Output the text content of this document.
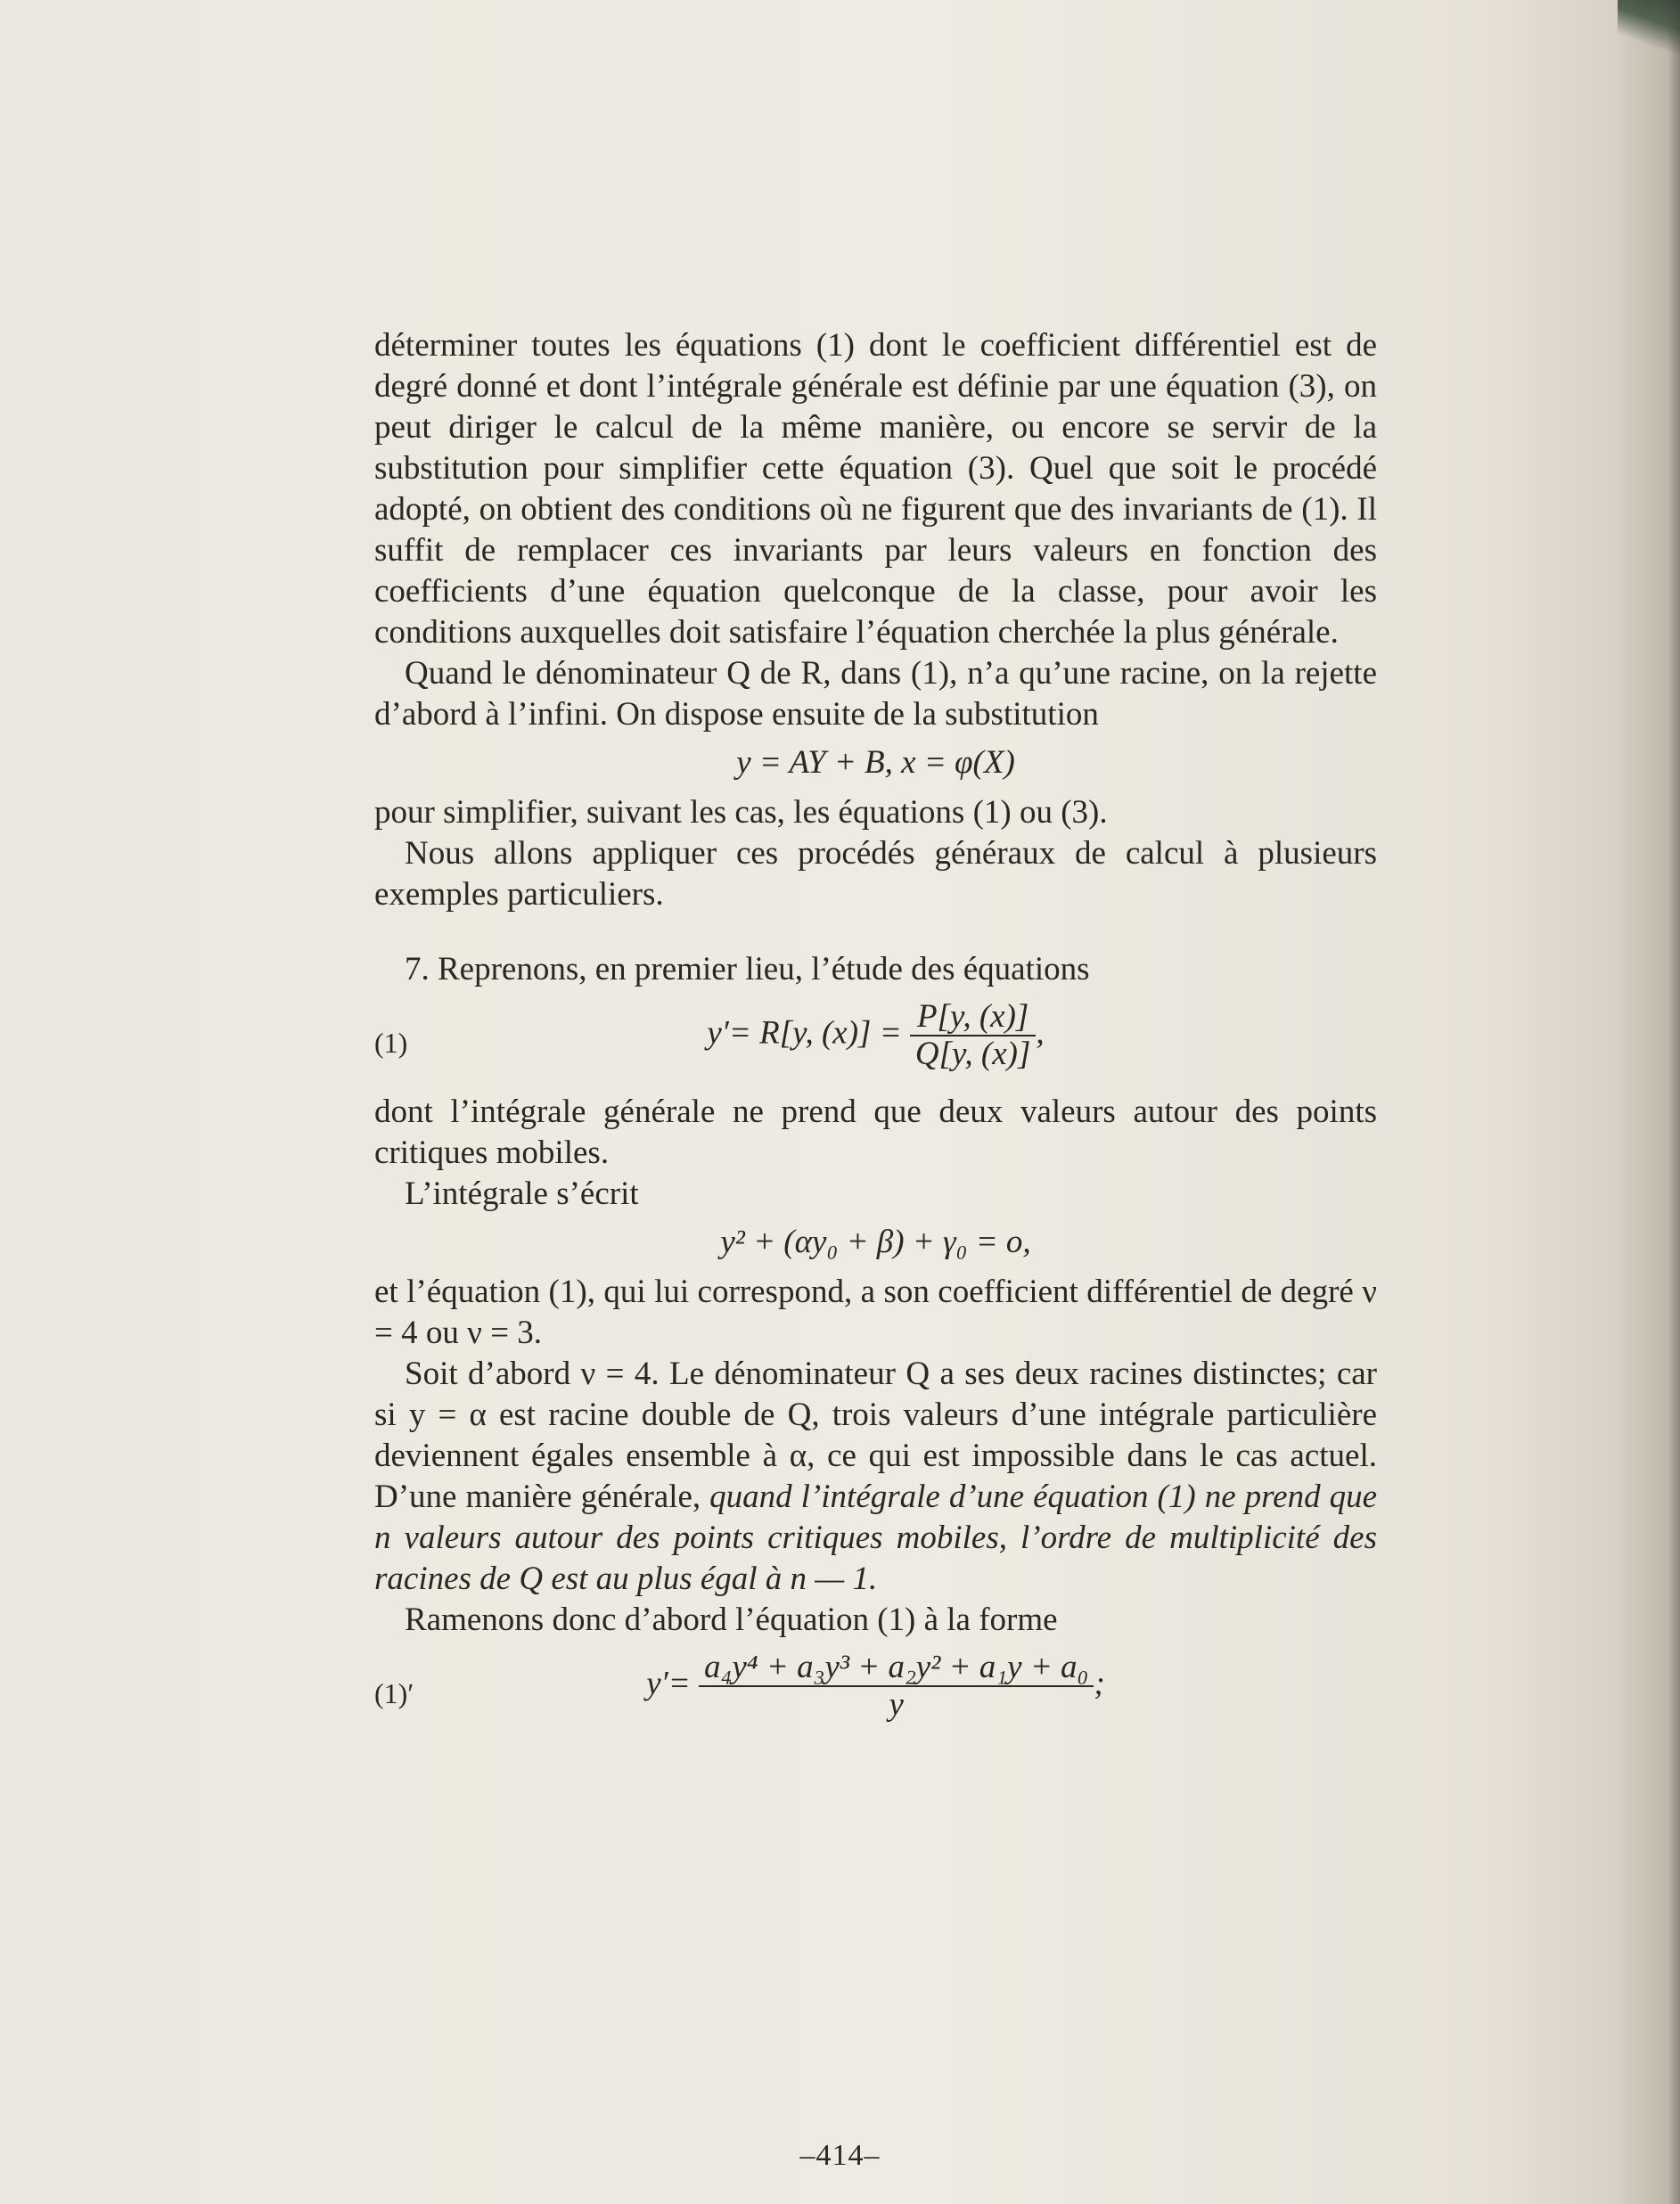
déterminer toutes les équations (1) dont le coefficient différentiel est de degré donné et dont l’intégrale générale est définie par une équation (3), on peut diriger le calcul de la même manière, ou encore se servir de la substitution pour simplifier cette équation (3). Quel que soit le procédé adopté, on obtient des conditions où ne figurent que des invariants de (1). Il suffit de remplacer ces invariants par leurs valeurs en fonction des coefficients d’une équation quelconque de la classe, pour avoir les conditions auxquelles doit satisfaire l’équation cherchée la plus générale.

Quand le dénominateur Q de R, dans (1), n’a qu’une racine, on la rejette d’abord à l’infini. On dispose ensuite de la substitution

y = AY + B, x = φ(X)

pour simplifier, suivant les cas, les équations (1) ou (3).

Nous allons appliquer ces procédés généraux de calcul à plusieurs exemples particuliers.

7. Reprenons, en premier lieu, l’étude des équations

(1)	y′= R[y, $(x)] = \frac{P[y, (x)]}{Q[y, (x)]}$ ,

dont l’intégrale générale ne prend que deux valeurs autour des points critiques mobiles.

L’intégrale s’écrit

y² + (αy₀ + β) + γ₀ = o,

et l’équation (1), qui lui correspond, a son coefficient différentiel de degré ν = 4 ou ν = 3.

Soit d’abord ν = 4. Le dénominateur Q a ses deux racines distinctes; car si y = α est racine double de Q, trois valeurs d’une intégrale particulière deviennent égales ensemble à α, ce qui est impossible dans le cas actuel. D’une manière générale, quand l’intégrale d’une équation (1) ne prend que n valeurs autour des points critiques mobiles, l’ordre de multiplicité des racines de Q est au plus égal à n — 1.

Ramenons donc d’abord l’équation (1) à la forme

(1)′	$y'= \frac{\text{a₄y⁴ + a₃y³ + a₂y² + a₁y + a₀}}{y}$ ;
–414–
